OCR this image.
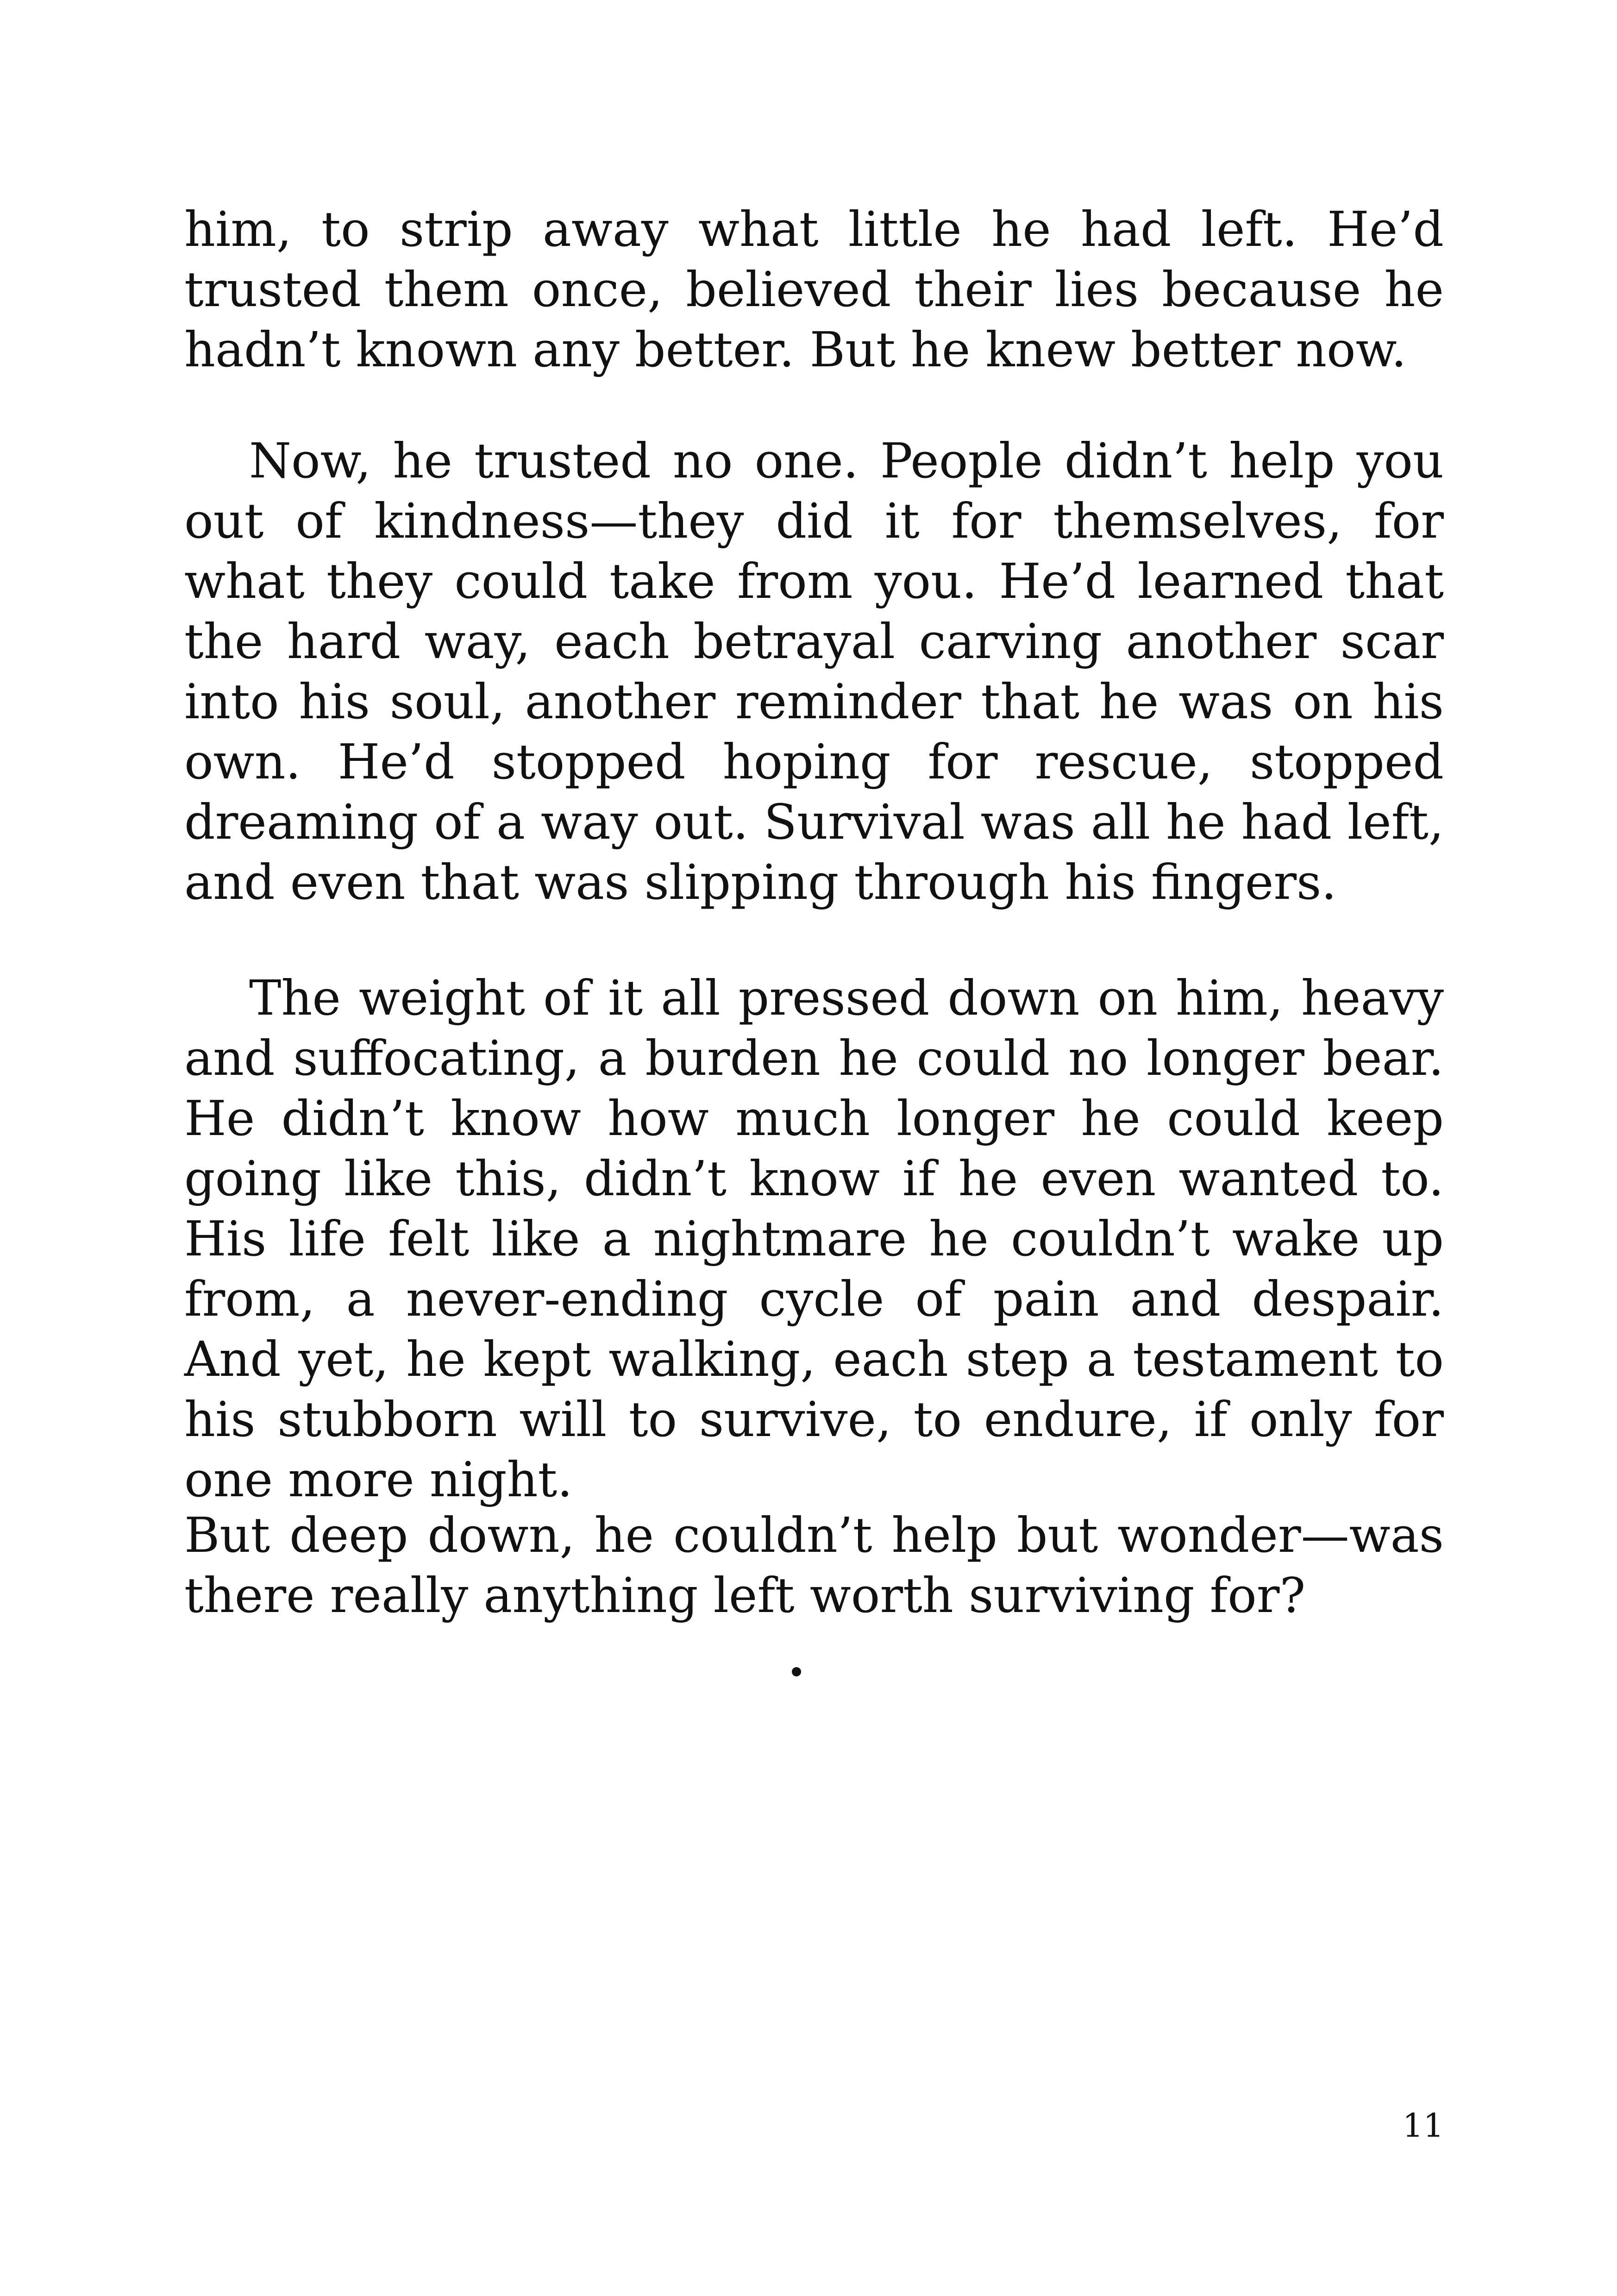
him, to strip away what little he had left. He’d trusted them once, believed their lies because he hadn’t known any better. But he knew better now.
Now, he trusted no one. People didn’t help you out of kindness—they did it for themselves, for what they could take from you. He’d learned that the hard way, each betrayal carving another scar into his soul, another reminder that he was on his own. He’d stopped hoping for rescue, stopped dreaming of a way out. Survival was all he had left, and even that was slipping through his fingers.
The weight of it all pressed down on him, heavy and suffocating, a burden he could no longer bear. He didn’t know how much longer he could keep going like this, didn’t know if he even wanted to. His life felt like a nightmare he couldn’t wake up from, a never-ending cycle of pain and despair. And yet, he kept walking, each step a testament to his stubborn will to survive, to endure, if only for one more night.
But deep down, he couldn’t help but wonder—was there really anything left worth surviving for?
11
